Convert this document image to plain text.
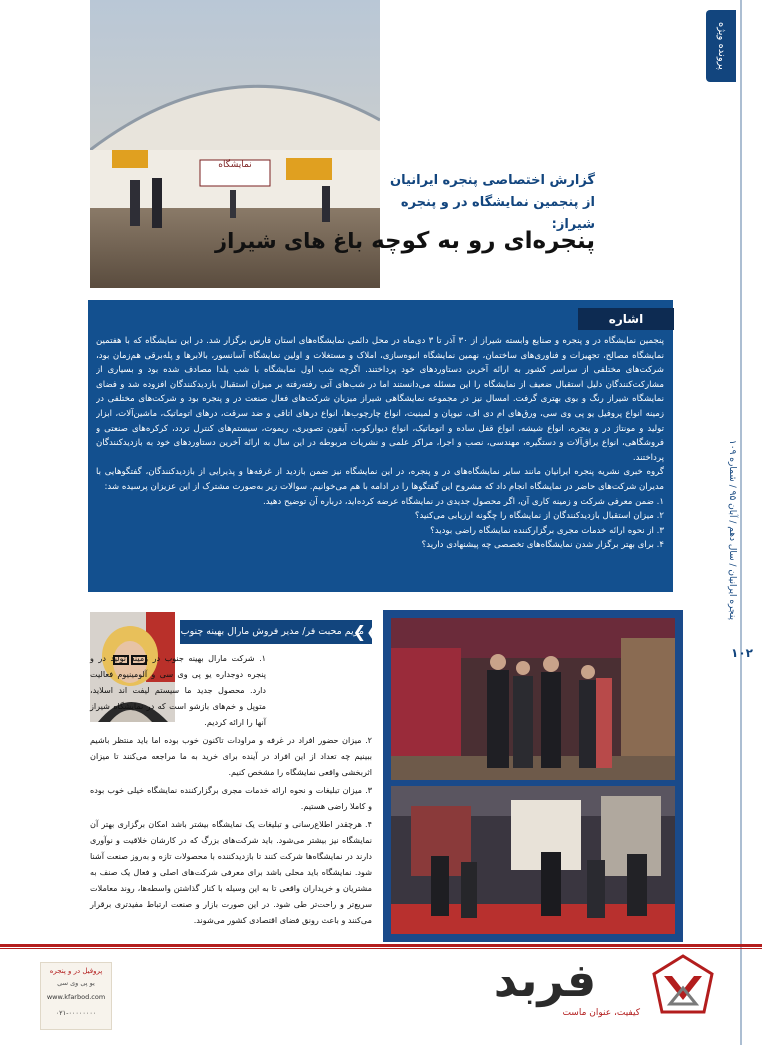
پرونده ویژه
پنجره ایرانیان / سال دهم / آبان ۹۵ / شماره ۱۰۹
۱۰۲
نمایشگاه
گزارش اختصاصی پنجره ایرانیان
از پنجمین نمایشگاه در و پنجره شیراز:
پنجره‌ای رو به کوچه باغ های شیراز
اشاره

پنجمین نمایشگاه در و پنجره و صنایع وابسته شیراز از ۳۰ آذر تا ۳ دی‌ماه در محل دائمی نمایشگاه‌های استان فارس برگزار شد. در این نمایشگاه که با هفتمین نمایشگاه مصالح، تجهیزات و فناوری‌های ساختمان، نهمین نمایشگاه انبوه‌سازی، املاک و مستغلات و اولین نمایشگاه آسانسور، بالابرها و پله‌برقی هم‌زمان بود، شرکت‌های مختلفی از سراسر کشور به ارائه آخرین دستاوردهای خود پرداختند. اگرچه شب اول نمایشگاه با شب یلدا مصادف شده بود و بسیاری از مشارکت‌کنندگان دلیل استقبال ضعیف از نمایشگاه را این مسئله می‌دانستند اما در شب‌های آتی رفته‌رفته بر میزان استقبال بازدیدکنندگان افزوده شد و فضای نمایشگاه شیراز رنگ و بوی بهتری گرفت. امسال نیز در مجموعه نمایشگاهی شیراز میزبان شرکت‌های فعال صنعت در و پنجره بود و شرکت‌های مختلفی در زمینه انواع پروفیل یو پی وی سی، ورق‌های ام دی اف، تیوپان و لمینیت، انواع چارچوب‌ها، انواع درهای اتاقی و ضد سرقت، درهای اتوماتیک، ماشین‌آلات، ابزار تولید و مونتاژ در و پنجره، انواع شیشه، انواع قفل ساده و اتوماتیک، انواع دیوارکوب، آیفون تصویری، ریموت، سیستم‌های کنترل تردد، کرکره‌های صنعتی و فروشگاهی، انواع یراق‌آلات و دستگیره، مهندسی، نصب و اجرا، مراکز علمی و نشریات مربوطه در این سال به ارائه آخرین دستاوردهای خود به بازدیدکنندگان پرداختند.

گروه خبری نشریه پنجره ایرانیان مانند سایر نمایشگاه‌های در و پنجره، در این نمایشگاه نیز ضمن بازدید از غرفه‌ها و پذیرایی از بازدیدکنندگان، گفتگوهایی با مدیران شرکت‌های حاضر در نمایشگاه انجام داد که مشروح این گفتگوها را در ادامه با هم می‌خوانیم. سوالات زیر به‌صورت مشترک از این عزیزان پرسیده شد:

۱. ضمن معرفی شرکت و زمینه کاری آن، اگر محصول جدیدی در نمایشگاه عرضه کرده‌اید، درباره آن توضیح دهید.

۲. میزان استقبال بازدیدکنندگان از نمایشگاه را چگونه ارزیابی می‌کنید؟

۳. از نحوه ارائه خدمات مجری برگزارکننده نمایشگاه راضی بودید؟

۴. برای بهتر برگزار شدن نمایشگاه‌های تخصصی چه پیشنهادی دارید؟

مریم محبت فر/ مدیر فروش مارال بهینه چنوب
❮❮

۱. شرکت مارال بهینه جنوب در زمینه تولید در و پنجره دوجداره یو پی وی سی و آلومینیوم فعالیت دارد. محصول جدید ما سیستم لیفت اند اسلاید، متوپل و خم‌های بازشو است که در نمایشگاه شیراز آنها را ارائه کردیم.

۲. میزان حضور افراد در غرفه و مراودات تاکنون خوب بوده اما باید منتظر باشیم ببینیم چه تعداد از این افراد در آینده برای خرید به ما مراجعه می‌کنند تا میزان اثربخشی واقعی نمایشگاه را مشخص کنیم.

۳. میزان تبلیغات و نحوه ارائه خدمات مجری برگزارکننده نمایشگاه خیلی خوب بوده و کاملا راضی هستیم.

۴. هرچقدر اطلاع‌رسانی و تبلیغات یک نمایشگاه بیشتر باشد امکان برگزاری بهتر آن نمایشگاه نیز بیشتر می‌شود. باید شرکت‌های بزرگ که در کارشان خلاقیت و نوآوری دارند در نمایشگاه‌ها شرکت کنند تا بازدیدکننده با محصولات تازه و به‌روز صنعت آشنا شود. نمایشگاه باید محلی باشد برای معرفی شرکت‌های اصلی و فعال یک صنف به مشتریان و خریداران واقعی تا به این وسیله با کنار گذاشتن واسطه‌ها، روند معاملات سریع‌تر و راحت‌تر طی شود. در این صورت بازار و صنعت ارتباط مفیدتری برقرار می‌کنند و باعث رونق فضای اقتصادی کشور می‌شوند.

پروفیل در و پنجره
یو پی وی سی
www.kfarbod.com
۰۲۱-۰۰۰۰۰۰۰۰
فربد
کیفیت، عنوان ماست
